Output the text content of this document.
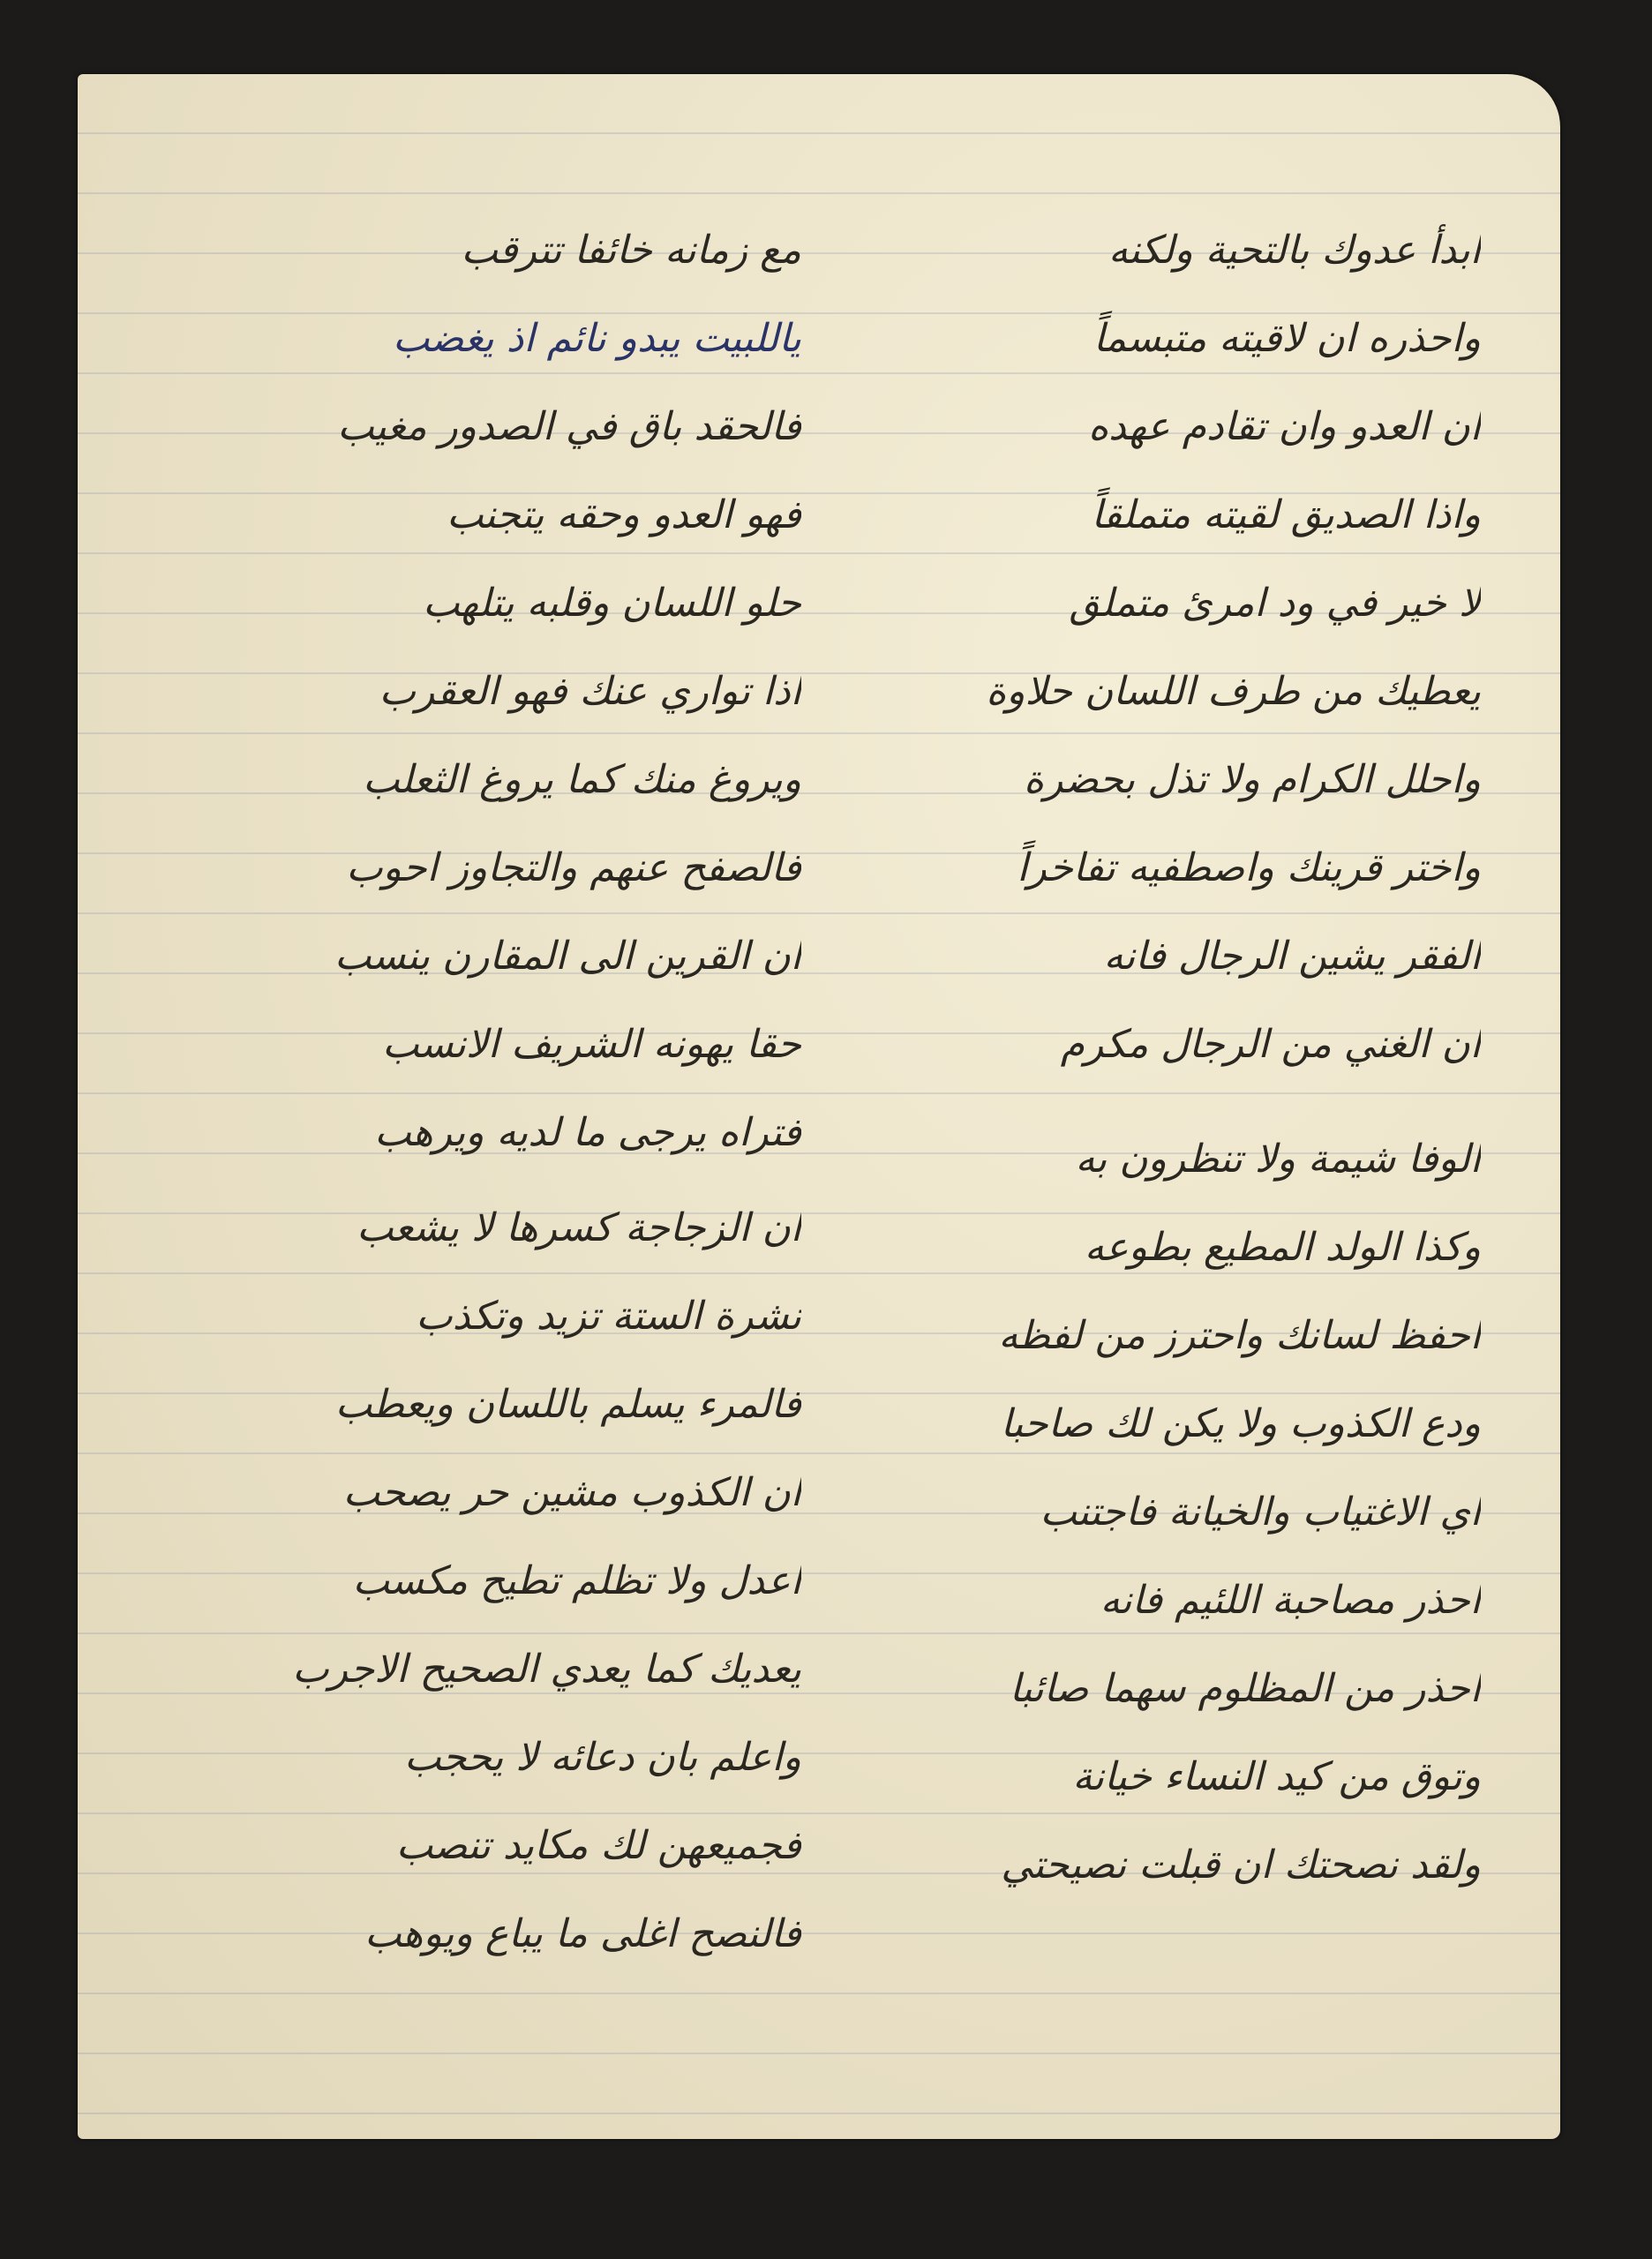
ابدأ عدوك بالتحية ولكنه
واحذره ان لاقيته متبسماً
ان العدو وان تقادم عهده
واذا الصديق لقيته متملقاً
لا خير في ود امرئ متملق
يعطيك من طرف اللسان حلاوة
واحلل الكرام ولا تذل بحضرة
واختر قرينك واصطفيه تفاخراً
الفقر يشين الرجال فانه
ان الغني من الرجال مكرم
الوفا شيمة ولا تنظرون به
وكذا الولد المطيع بطوعه
احفظ لسانك واحترز من لفظه
ودع الكذوب ولا يكن لك صاحبا
اي الاغتياب والخيانة فاجتنب
احذر مصاحبة اللئيم فانه
احذر من المظلوم سهما صائبا
وتوق من كيد النساء خيانة
ولقد نصحتك ان قبلت نصيحتي
مع زمانه خائفا تترقب
ياللبيت يبدو نائم اذ يغضب
فالحقد باق في الصدور مغيب
فهو العدو وحقه يتجنب
حلو اللسان وقلبه يتلهب
اذا تواري عنك فهو العقرب
ويروغ منك كما يروغ الثعلب
فالصفح عنهم والتجاوز احوب
ان القرين الى المقارن ينسب
حقا يهونه الشريف الانسب
فتراه يرجى ما لديه ويرهب
ان الزجاجة كسرها لا يشعب
نشرة الستة تزيد وتكذب
فالمرء يسلم باللسان ويعطب
ان الكذوب مشين حر يصحب
اعدل ولا تظلم تطيح مكسب
يعديك كما يعدي الصحيح الاجرب
واعلم بان دعائه لا يحجب
فجميعهن لك مكايد تنصب
فالنصح اغلى ما يباع ويوهب
